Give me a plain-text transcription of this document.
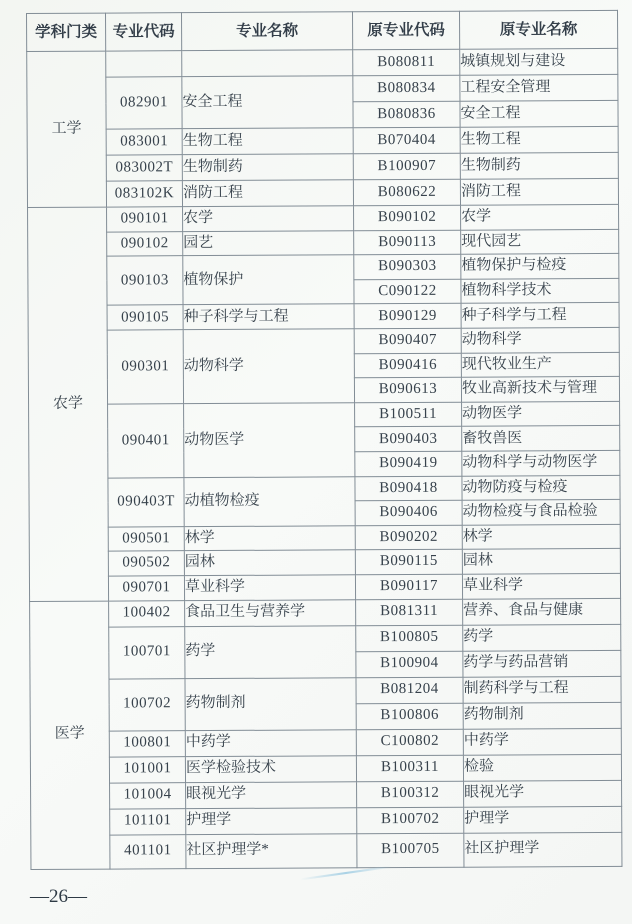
学科门类	专业代码	专业名称	原专业代码	原专业名称
工学			B080811	城镇规划与建设
	082901	安全工程	B080834	工程安全管理
			B080836	安全工程
	083001	生物工程	B070404	生物工程
	083002T	生物制药	B100907	生物制药
	083102K	消防工程	B080622	消防工程
农学	090101	农学	B090102	农学
	090102	园艺	B090113	现代园艺
	090103	植物保护	B090303	植物保护与检疫
			C090122	植物科学技术
	090105	种子科学与工程	B090129	种子科学与工程
	090301	动物科学	B090407	动物科学
			B090416	现代牧业生产
			B090613	牧业高新技术与管理
	090401	动物医学	B100511	动物医学
			B090403	畜牧兽医
			B090419	动物科学与动物医学
	090403T	动植物检疫	B090418	动物防疫与检疫
			B090406	动物检疫与食品检验
	090501	林学	B090202	林学
	090502	园林	B090115	园林
	090701	草业科学	B090117	草业科学
医学	100402	食品卫生与营养学	B081311	营养、食品与健康
	100701	药学	B100805	药学
			B100904	药学与药品营销
	100702	药物制剂	B081204	制药科学与工程
			B100806	药物制剂
	100801	中药学	C100802	中药学
	101001	医学检验技术	B100311	检验
	101004	眼视光学	B100312	眼视光学
	101101	护理学	B100702	护理学
	401101	社区护理学*	B100705	社区护理学
—26—
